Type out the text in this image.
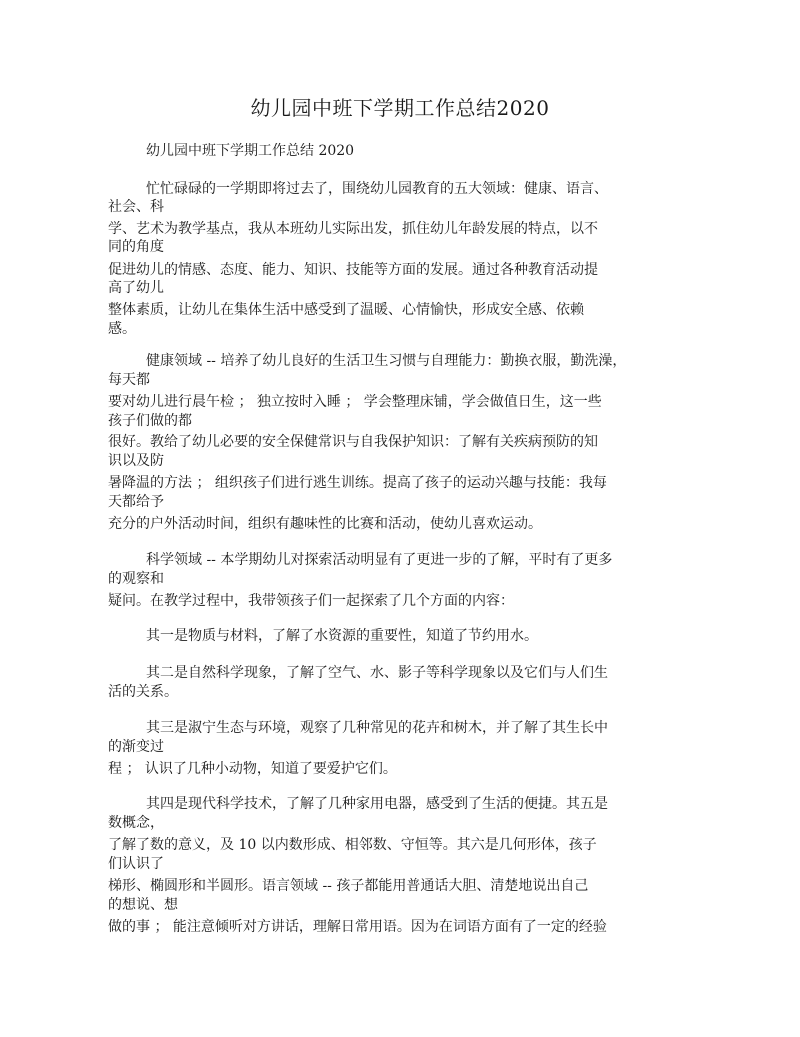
幼儿园中班下学期工作总结2020
幼儿园中班下学期工作总结 2020
忙忙碌碌的一学期即将过去了，围绕幼儿园教育的五大领域：健康、语言、
社会、科
学、艺术为教学基点，我从本班幼儿实际出发，抓住幼儿年龄发展的特点，以不
同的角度
促进幼儿的情感、态度、能力、知识、技能等方面的发展。通过各种教育活动提
高了幼儿
整体素质，让幼儿在集体生活中感受到了温暖、心情愉快，形成安全感、依赖
感。
健康领域 -- 培养了幼儿良好的生活卫生习惯与自理能力：勤换衣服，勤洗澡，
每天都
要对幼儿进行晨午检 ； 独立按时入睡 ； 学会整理床铺，学会做值日生，这一些
孩子们做的都
很好。教给了幼儿必要的安全保健常识与自我保护知识：了解有关疾病预防的知
识以及防
暑降温的方法 ； 组织孩子们进行逃生训练。提高了孩子的运动兴趣与技能：我每
天都给予
充分的户外活动时间，组织有趣味性的比赛和活动，使幼儿喜欢运动。
科学领域 -- 本学期幼儿对探索活动明显有了更进一步的了解，平时有了更多
的观察和
疑问。在教学过程中，我带领孩子们一起探索了几个方面的内容：
其一是物质与材料，了解了水资源的重要性，知道了节约用水。
其二是自然科学现象，了解了空气、水、影子等科学现象以及它们与人们生
活的关系。
其三是淑宁生态与环境，观察了几种常见的花卉和树木，并了解了其生长中
的渐变过
程 ； 认识了几种小动物，知道了要爱护它们。
其四是现代科学技术，了解了几种家用电器，感受到了生活的便捷。其五是
数概念，
了解了数的意义，及 10 以内数形成、相邻数、守恒等。其六是几何形体，孩子
们认识了
梯形、椭圆形和半圆形。语言领域 -- 孩子都能用普通话大胆、清楚地说出自己
的想说、想
做的事 ； 能注意倾听对方讲话，理解日常用语。因为在词语方面有了一定的经验
